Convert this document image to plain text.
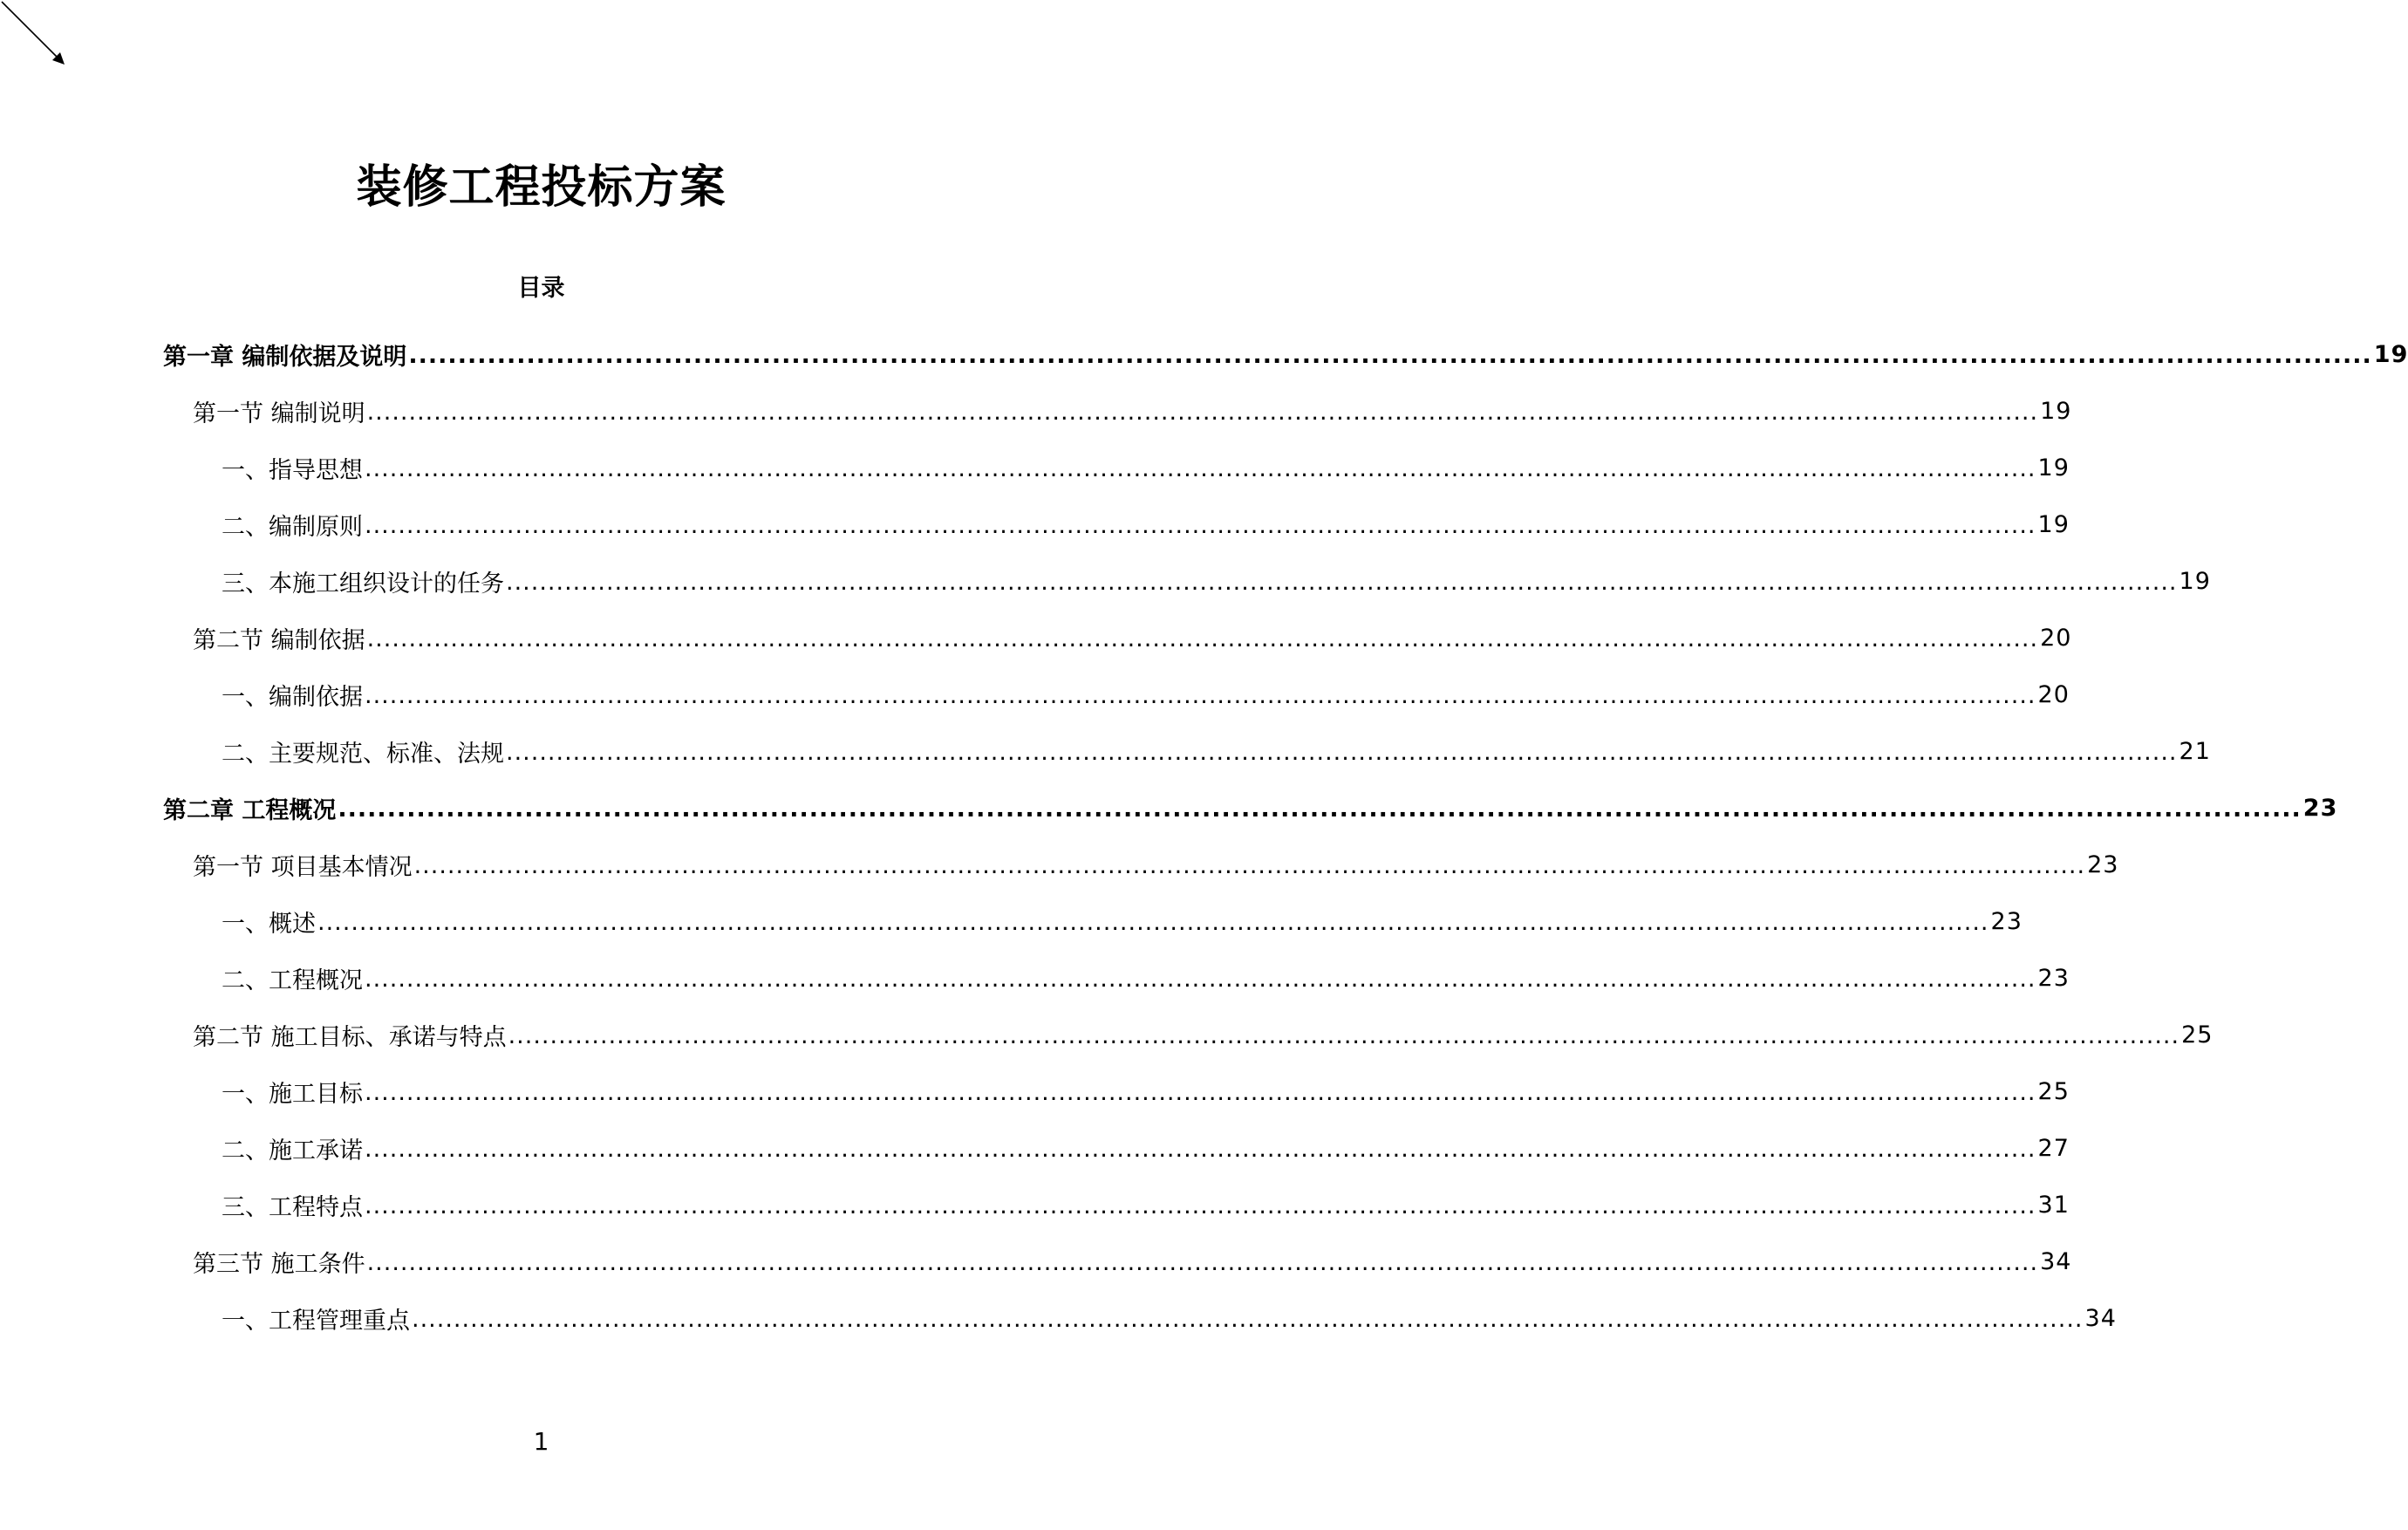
装修工程投标方案
目录
第一章 编制依据及说明 ........................................................................................................................................................................................................ 19
第一节 编制说明 ........................................................................................................................................................................................................ 19
一、指导思想 ........................................................................................................................................................................................................ 19
二、编制原则 ........................................................................................................................................................................................................ 19
三、本施工组织设计的任务 ........................................................................................................................................................................................................ 19
第二节 编制依据 ........................................................................................................................................................................................................ 20
一、编制依据 ........................................................................................................................................................................................................ 20
二、主要规范、标准、法规 ........................................................................................................................................................................................................ 21
第二章 工程概况 ........................................................................................................................................................................................................ 23
第一节 项目基本情况 ........................................................................................................................................................................................................ 23
一、概述 ........................................................................................................................................................................................................ 23
二、工程概况 ........................................................................................................................................................................................................ 23
第二节 施工目标、承诺与特点 ........................................................................................................................................................................................................ 25
一、施工目标 ........................................................................................................................................................................................................ 25
二、施工承诺 ........................................................................................................................................................................................................ 27
三、工程特点 ........................................................................................................................................................................................................ 31
第三节 施工条件 ........................................................................................................................................................................................................ 34
一、工程管理重点 ........................................................................................................................................................................................................ 34
1
